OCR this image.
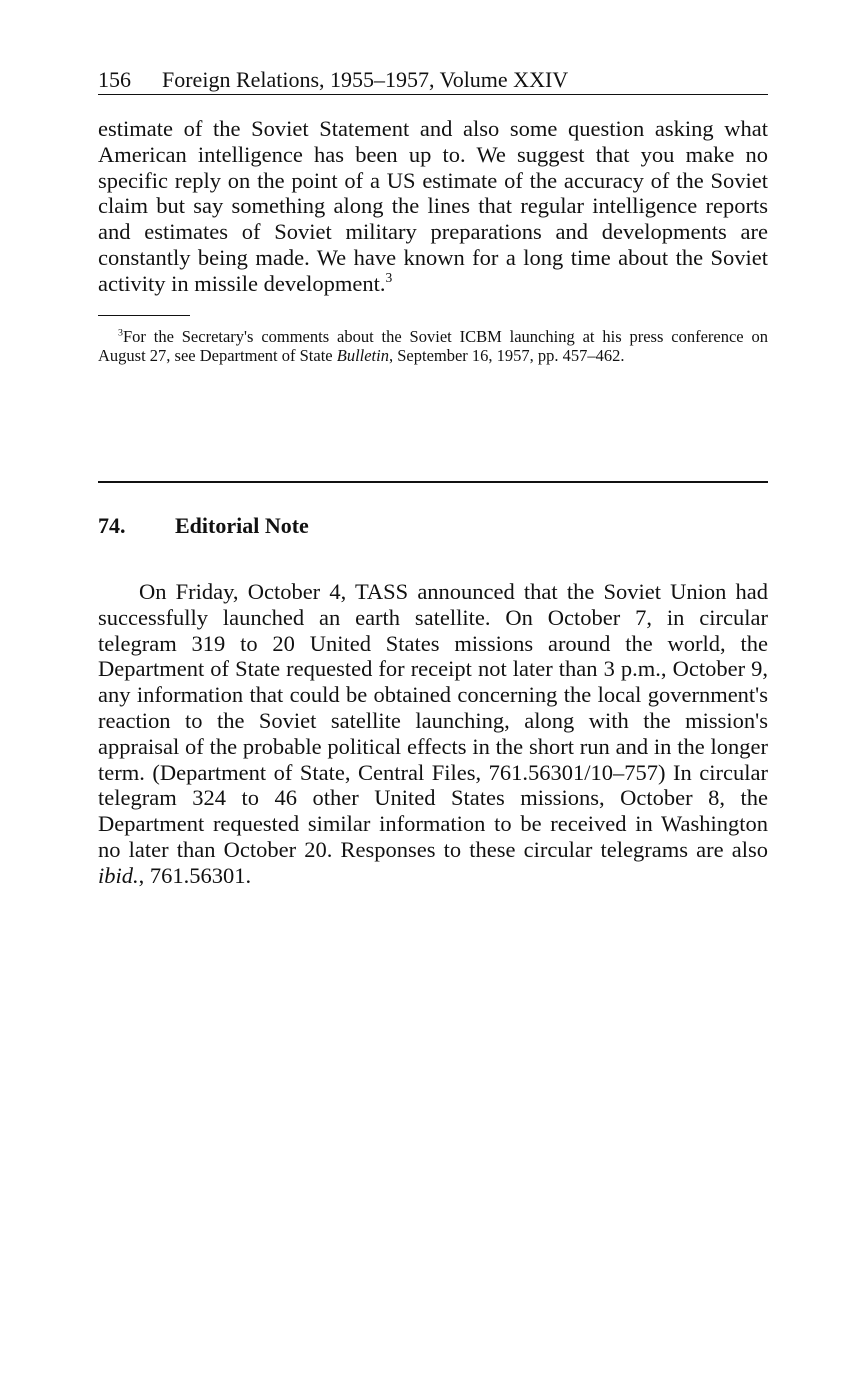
156 Foreign Relations, 1955–1957, Volume XXIV
estimate of the Soviet Statement and also some question asking what American intelligence has been up to. We suggest that you make no specific reply on the point of a US estimate of the accuracy of the Soviet claim but say something along the lines that regular intelligence reports and estimates of Soviet military preparations and developments are constantly being made. We have known for a long time about the Soviet activity in missile development.$^3$
$^3$For the Secretary's comments about the Soviet ICBM launching at his press conference on August 27, see Department of State Bulletin, September 16, 1957, pp. 457–462.
74. Editorial Note
On Friday, October 4, TASS announced that the Soviet Union had successfully launched an earth satellite. On October 7, in circular telegram 319 to 20 United States missions around the world, the Department of State requested for receipt not later than 3 p.m., October 9, any information that could be obtained concerning the local government's reaction to the Soviet satellite launching, along with the mission's appraisal of the probable political effects in the short run and in the longer term. (Department of State, Central Files, 761.56301/10–757) In circular telegram 324 to 46 other United States missions, October 8, the Department requested similar information to be received in Washington no later than October 20. Responses to these circular telegrams are also ibid., 761.56301.
